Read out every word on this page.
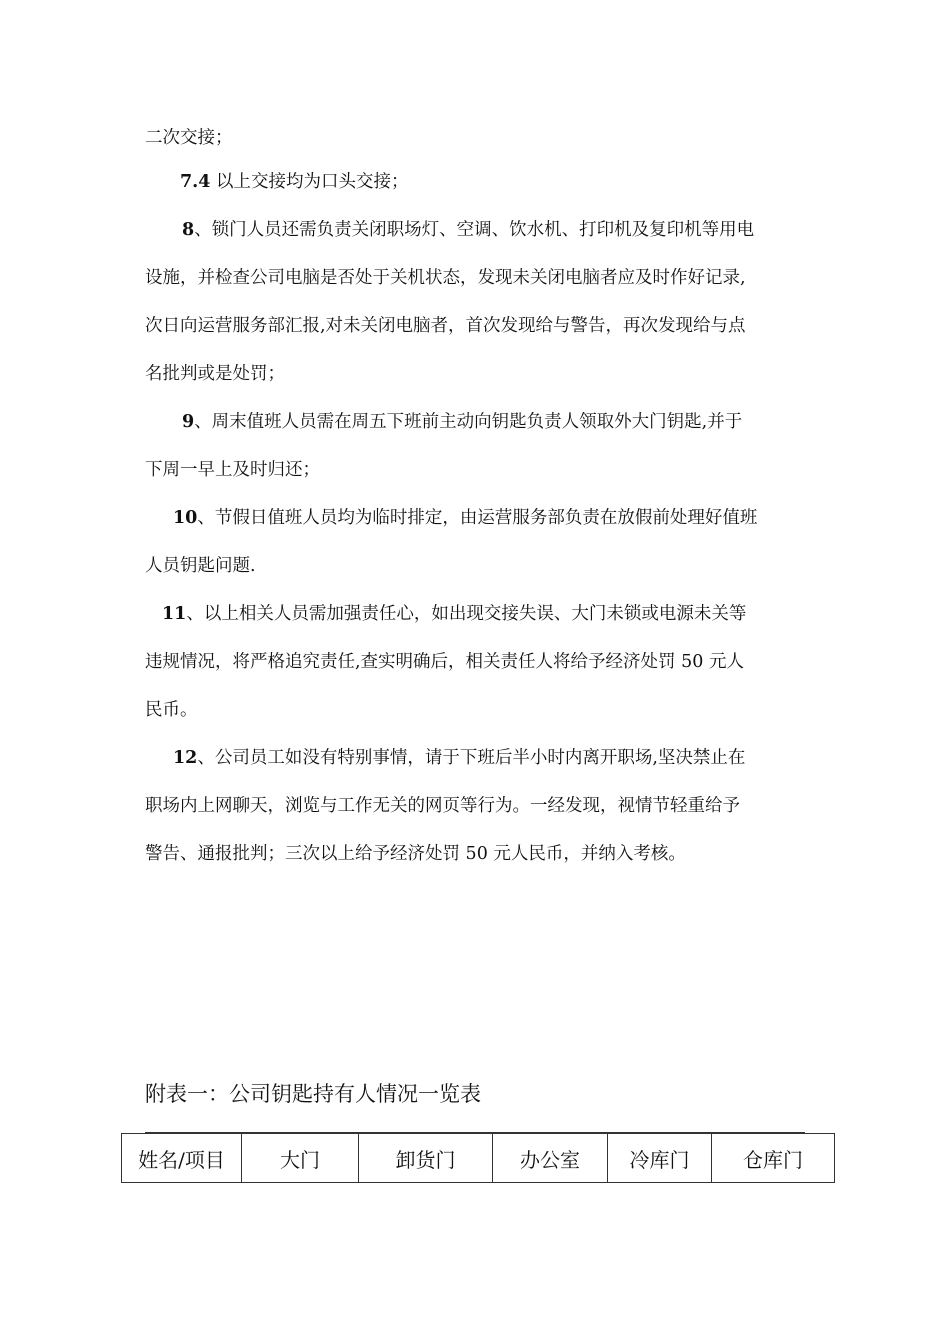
二次交接；
7.4 以上交接均为口头交接；
8、锁门人员还需负责关闭职场灯、空调、饮水机、打印机及复印机等用电
设施，并检查公司电脑是否处于关机状态，发现未关闭电脑者应及时作好记录,
次日向运营服务部汇报,对未关闭电脑者，首次发现给与警告，再次发现给与点
名批判或是处罚；
9、周末值班人员需在周五下班前主动向钥匙负责人领取外大门钥匙,并于
下周一早上及时归还；
10、节假日值班人员均为临时排定，由运营服务部负责在放假前处理好值班
人员钥匙问题.
11、以上相关人员需加强责任心，如出现交接失误、大门未锁或电源未关等
违规情况，将严格追究责任,查实明确后，相关责任人将给予经济处罚 50 元人
民币。
12、公司员工如没有特别事情，请于下班后半小时内离开职场,坚决禁止在
职场内上网聊天，浏览与工作无关的网页等行为。一经发现，视情节轻重给予
警告、通报批判；三次以上给予经济处罚 50 元人民币，并纳入考核。
附表一：公司钥匙持有人情况一览表
姓名/项目	大门	卸货门	办公室	冷库门	仓库门
